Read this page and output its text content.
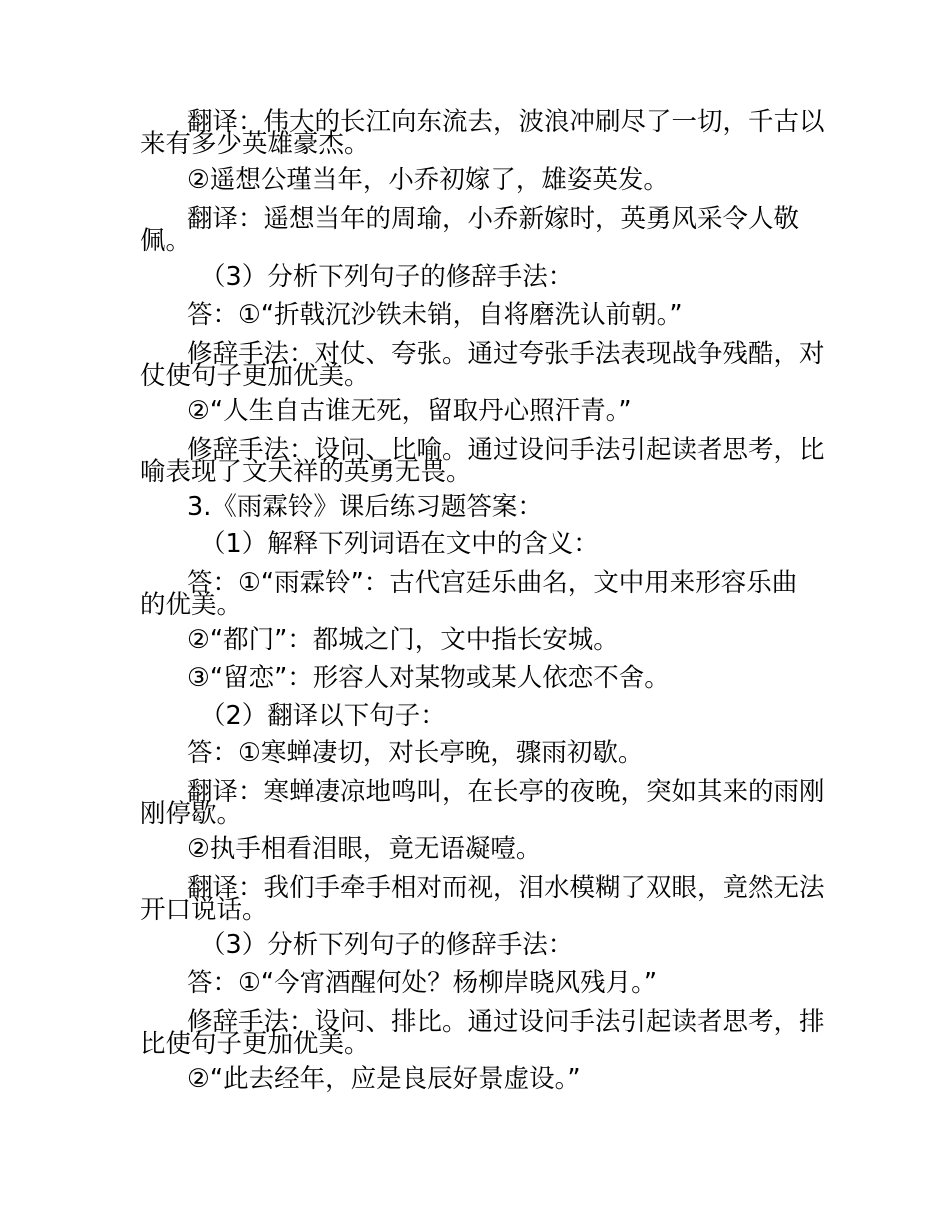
翻译：伟大的长江向东流去，波浪冲刷尽了一切，千古以
来有多少英雄豪杰。
②遥想公瑾当年，小乔初嫁了，雄姿英发。
翻译：遥想当年的周瑜，小乔新嫁时，英勇风采令人敬
佩。
（3）分析下列句子的修辞手法：
答：①“折戟沉沙铁未销，自将磨洗认前朝。”
修辞手法：对仗、夸张。通过夸张手法表现战争残酷，对
仗使句子更加优美。
②“人生自古谁无死，留取丹心照汗青。”
修辞手法：设问、比喻。通过设问手法引起读者思考，比
喻表现了文天祥的英勇无畏。
3.《雨霖铃》课后练习题答案：
（1）解释下列词语在文中的含义：
答：①“雨霖铃”：古代宫廷乐曲名，文中用来形容乐曲
的优美。
②“都门”：都城之门，文中指长安城。
③“留恋”：形容人对某物或某人依恋不舍。
（2）翻译以下句子：
答：①寒蝉凄切，对长亭晚，骤雨初歇。
翻译：寒蝉凄凉地鸣叫，在长亭的夜晚，突如其来的雨刚
刚停歇。
②执手相看泪眼，竟无语凝噎。
翻译：我们手牵手相对而视，泪水模糊了双眼，竟然无法
开口说话。
（3）分析下列句子的修辞手法：
答：①“今宵酒醒何处？杨柳岸晓风残月。”
修辞手法：设问、排比。通过设问手法引起读者思考，排
比使句子更加优美。
②“此去经年，应是良辰好景虚设。”
